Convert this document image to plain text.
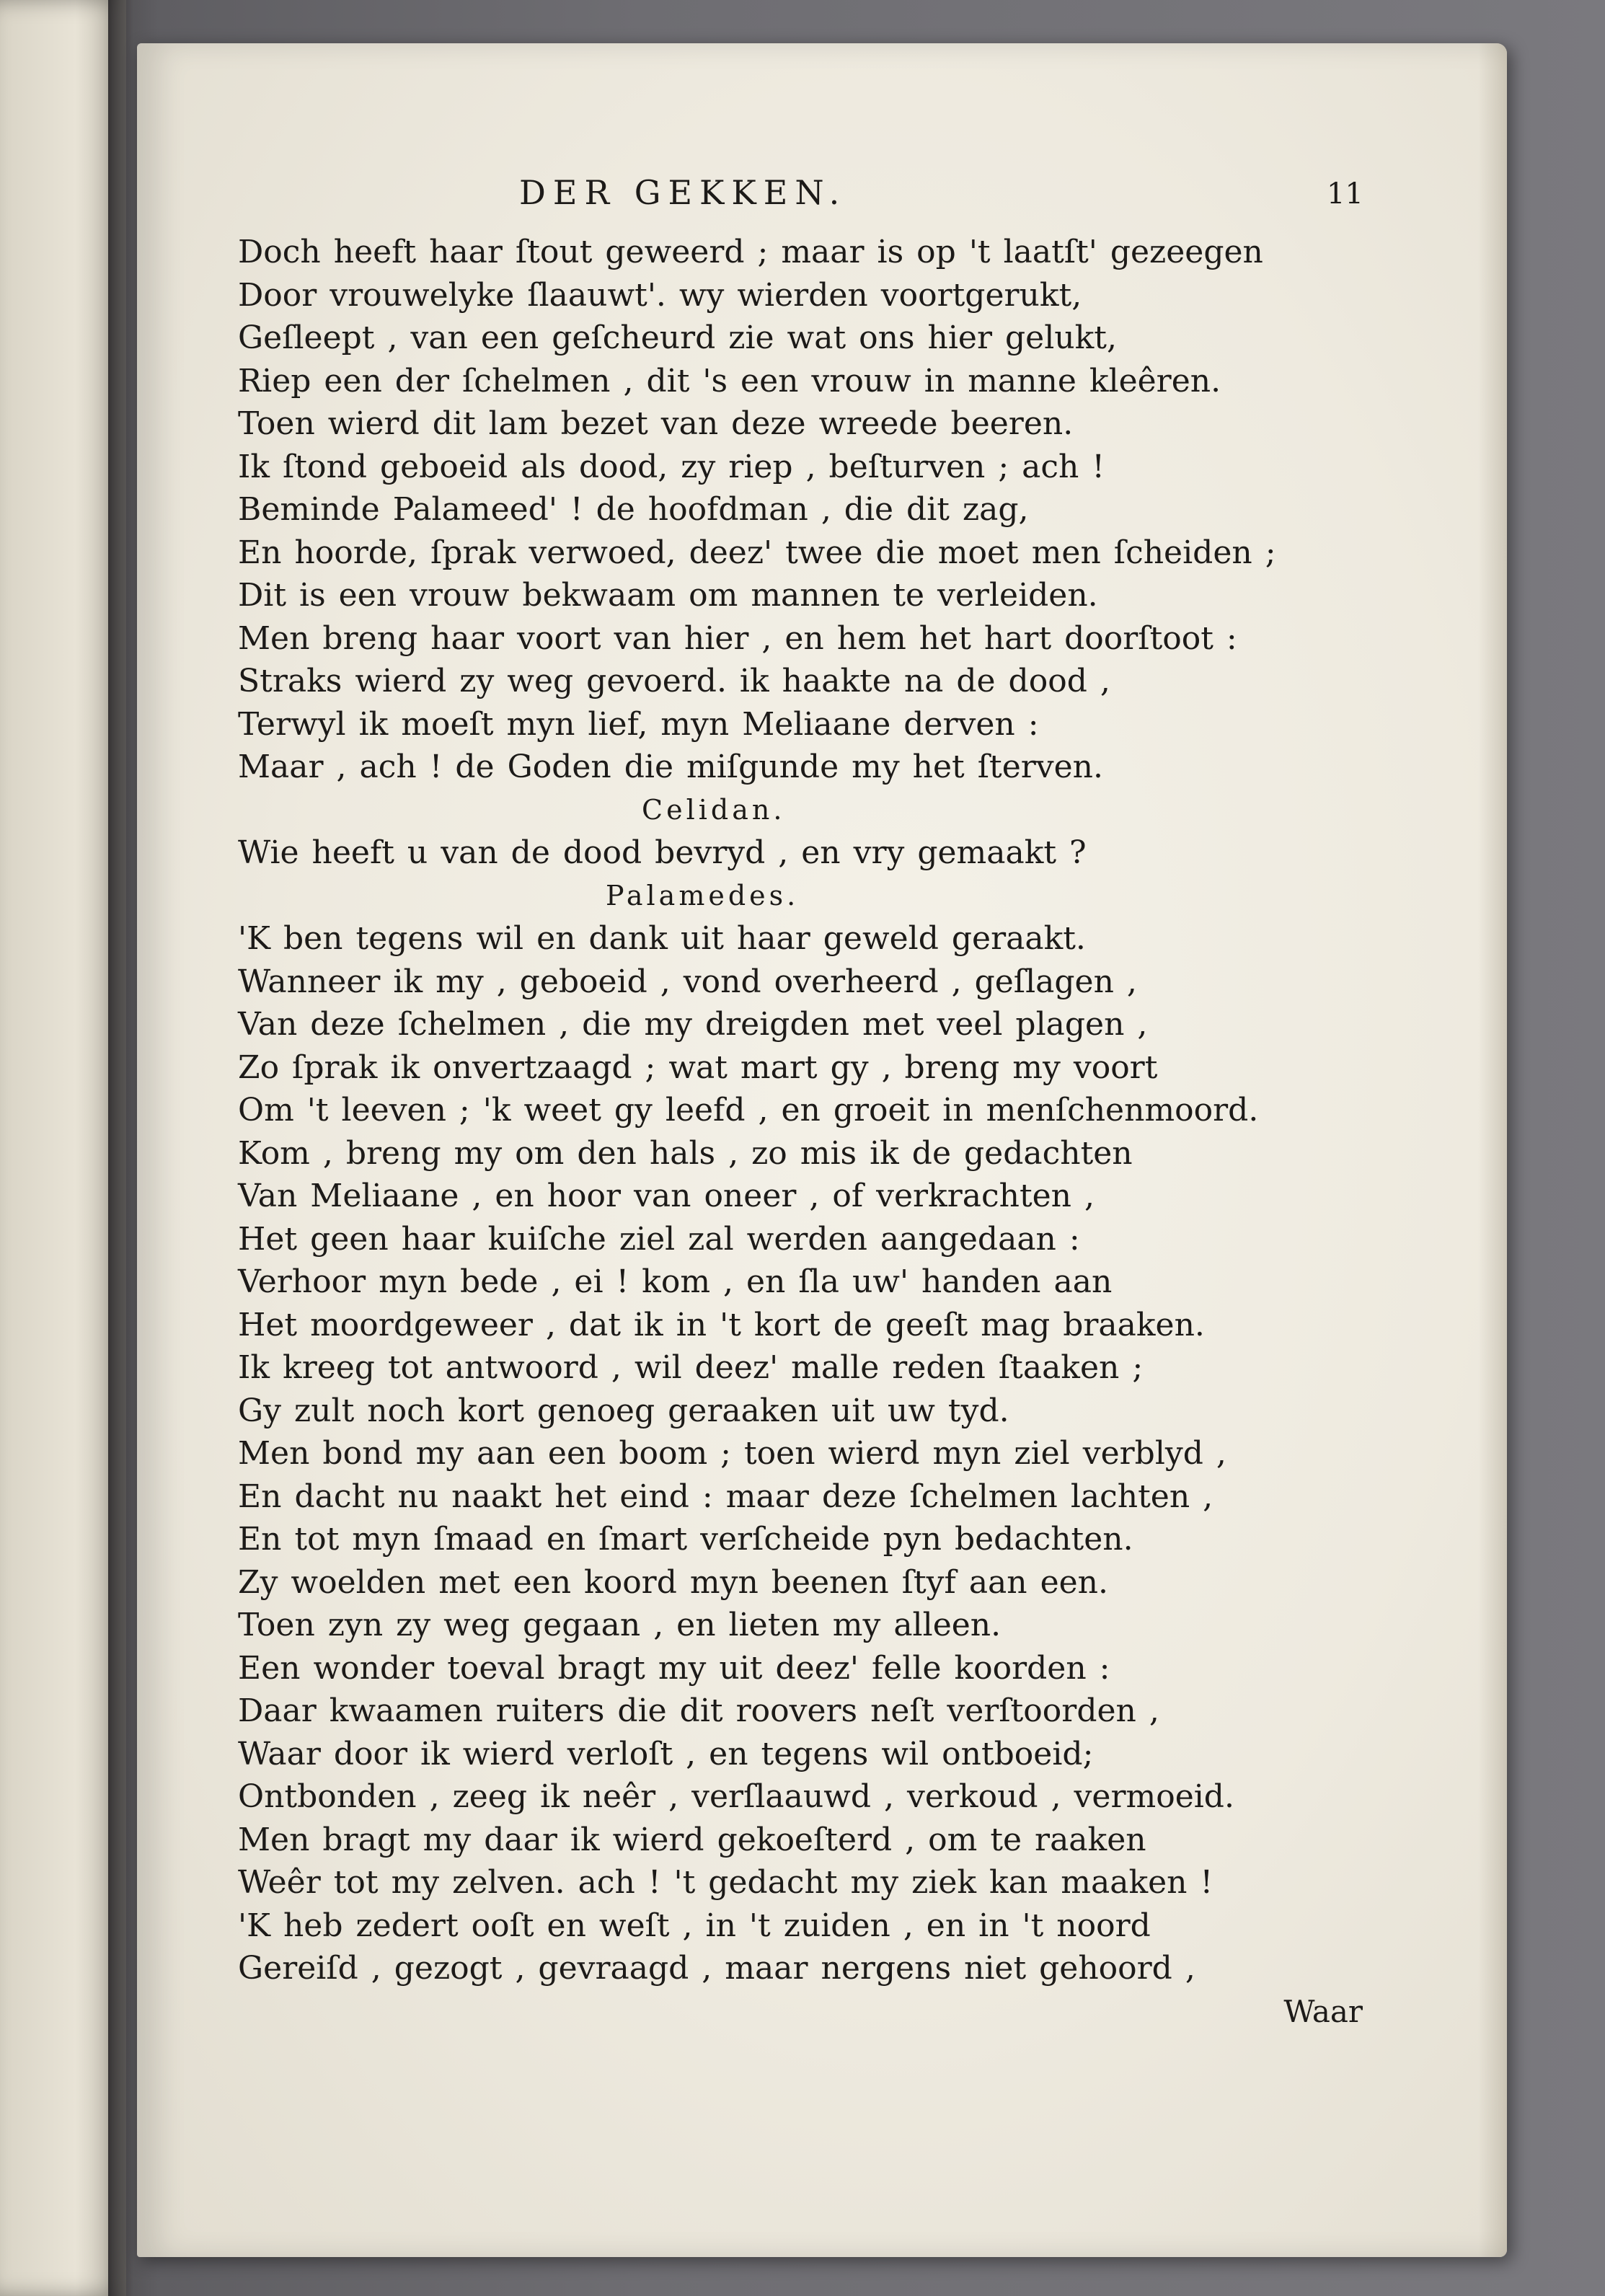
DER GEKKEN.	11
Doch heeft haar ſtout geweerd ; maar is op 't laatſt' gezeegen
Door vrouwelyke ſlaauwt'. wy wierden voortgerukt,
Geſleept , van een geſcheurd zie wat ons hier gelukt,
Riep een der ſchelmen , dit 's een vrouw in manne kleêren.
Toen wierd dit lam bezet van deze wreede beeren.
Ik ſtond geboeid als dood, zy riep , beſturven ; ach !
Beminde Palameed' ! de hoofdman , die dit zag,
En hoorde, ſprak verwoed, deez' twee die moet men ſcheiden ;
Dit is een vrouw bekwaam om mannen te verleiden.
Men breng haar voort van hier , en hem het hart doorſtoot :
Straks wierd zy weg gevoerd. ik haakte na de dood ,
Terwyl ik moeſt myn lief, myn Meliaane derven :
Maar , ach ! de Goden die miſgunde my het ſterven.
Celidan.
Wie heeft u van de dood bevryd , en vry gemaakt ?
Palamedes.
'K ben tegens wil en dank uit haar geweld geraakt.
Wanneer ik my , geboeid , vond overheerd , geſlagen ,
Van deze ſchelmen , die my dreigden met veel plagen ,
Zo ſprak ik onvertzaagd ; wat mart gy , breng my voort
Om 't leeven ; 'k weet gy leefd , en groeit in menſchenmoord.
Kom , breng my om den hals , zo mis ik de gedachten
Van Meliaane , en hoor van oneer , of verkrachten ,
Het geen haar kuiſche ziel zal werden aangedaan :
Verhoor myn bede , ei ! kom , en ſla uw' handen aan
Het moordgeweer , dat ik in 't kort de geeſt mag braaken.
Ik kreeg tot antwoord , wil deez' malle reden ſtaaken ;
Gy zult noch kort genoeg geraaken uit uw tyd.
Men bond my aan een boom ; toen wierd myn ziel verblyd ,
En dacht nu naakt het eind : maar deze ſchelmen lachten ,
En tot myn ſmaad en ſmart verſcheide pyn bedachten.
Zy woelden met een koord myn beenen ſtyf aan een.
Toen zyn zy weg gegaan , en lieten my alleen.
Een wonder toeval bragt my uit deez' felle koorden :
Daar kwaamen ruiters die dit roovers neſt verſtoorden ,
Waar door ik wierd verloſt , en tegens wil ontboeid;
Ontbonden , zeeg ik neêr , verſlaauwd , verkoud , vermoeid.
Men bragt my daar ik wierd gekoeſterd , om te raaken
Weêr tot my zelven. ach ! 't gedacht my ziek kan maaken !
'K heb zedert ooſt en weſt , in 't zuiden , en in 't noord
Gereiſd , gezogt , gevraagd , maar nergens niet gehoord ,
Waar
